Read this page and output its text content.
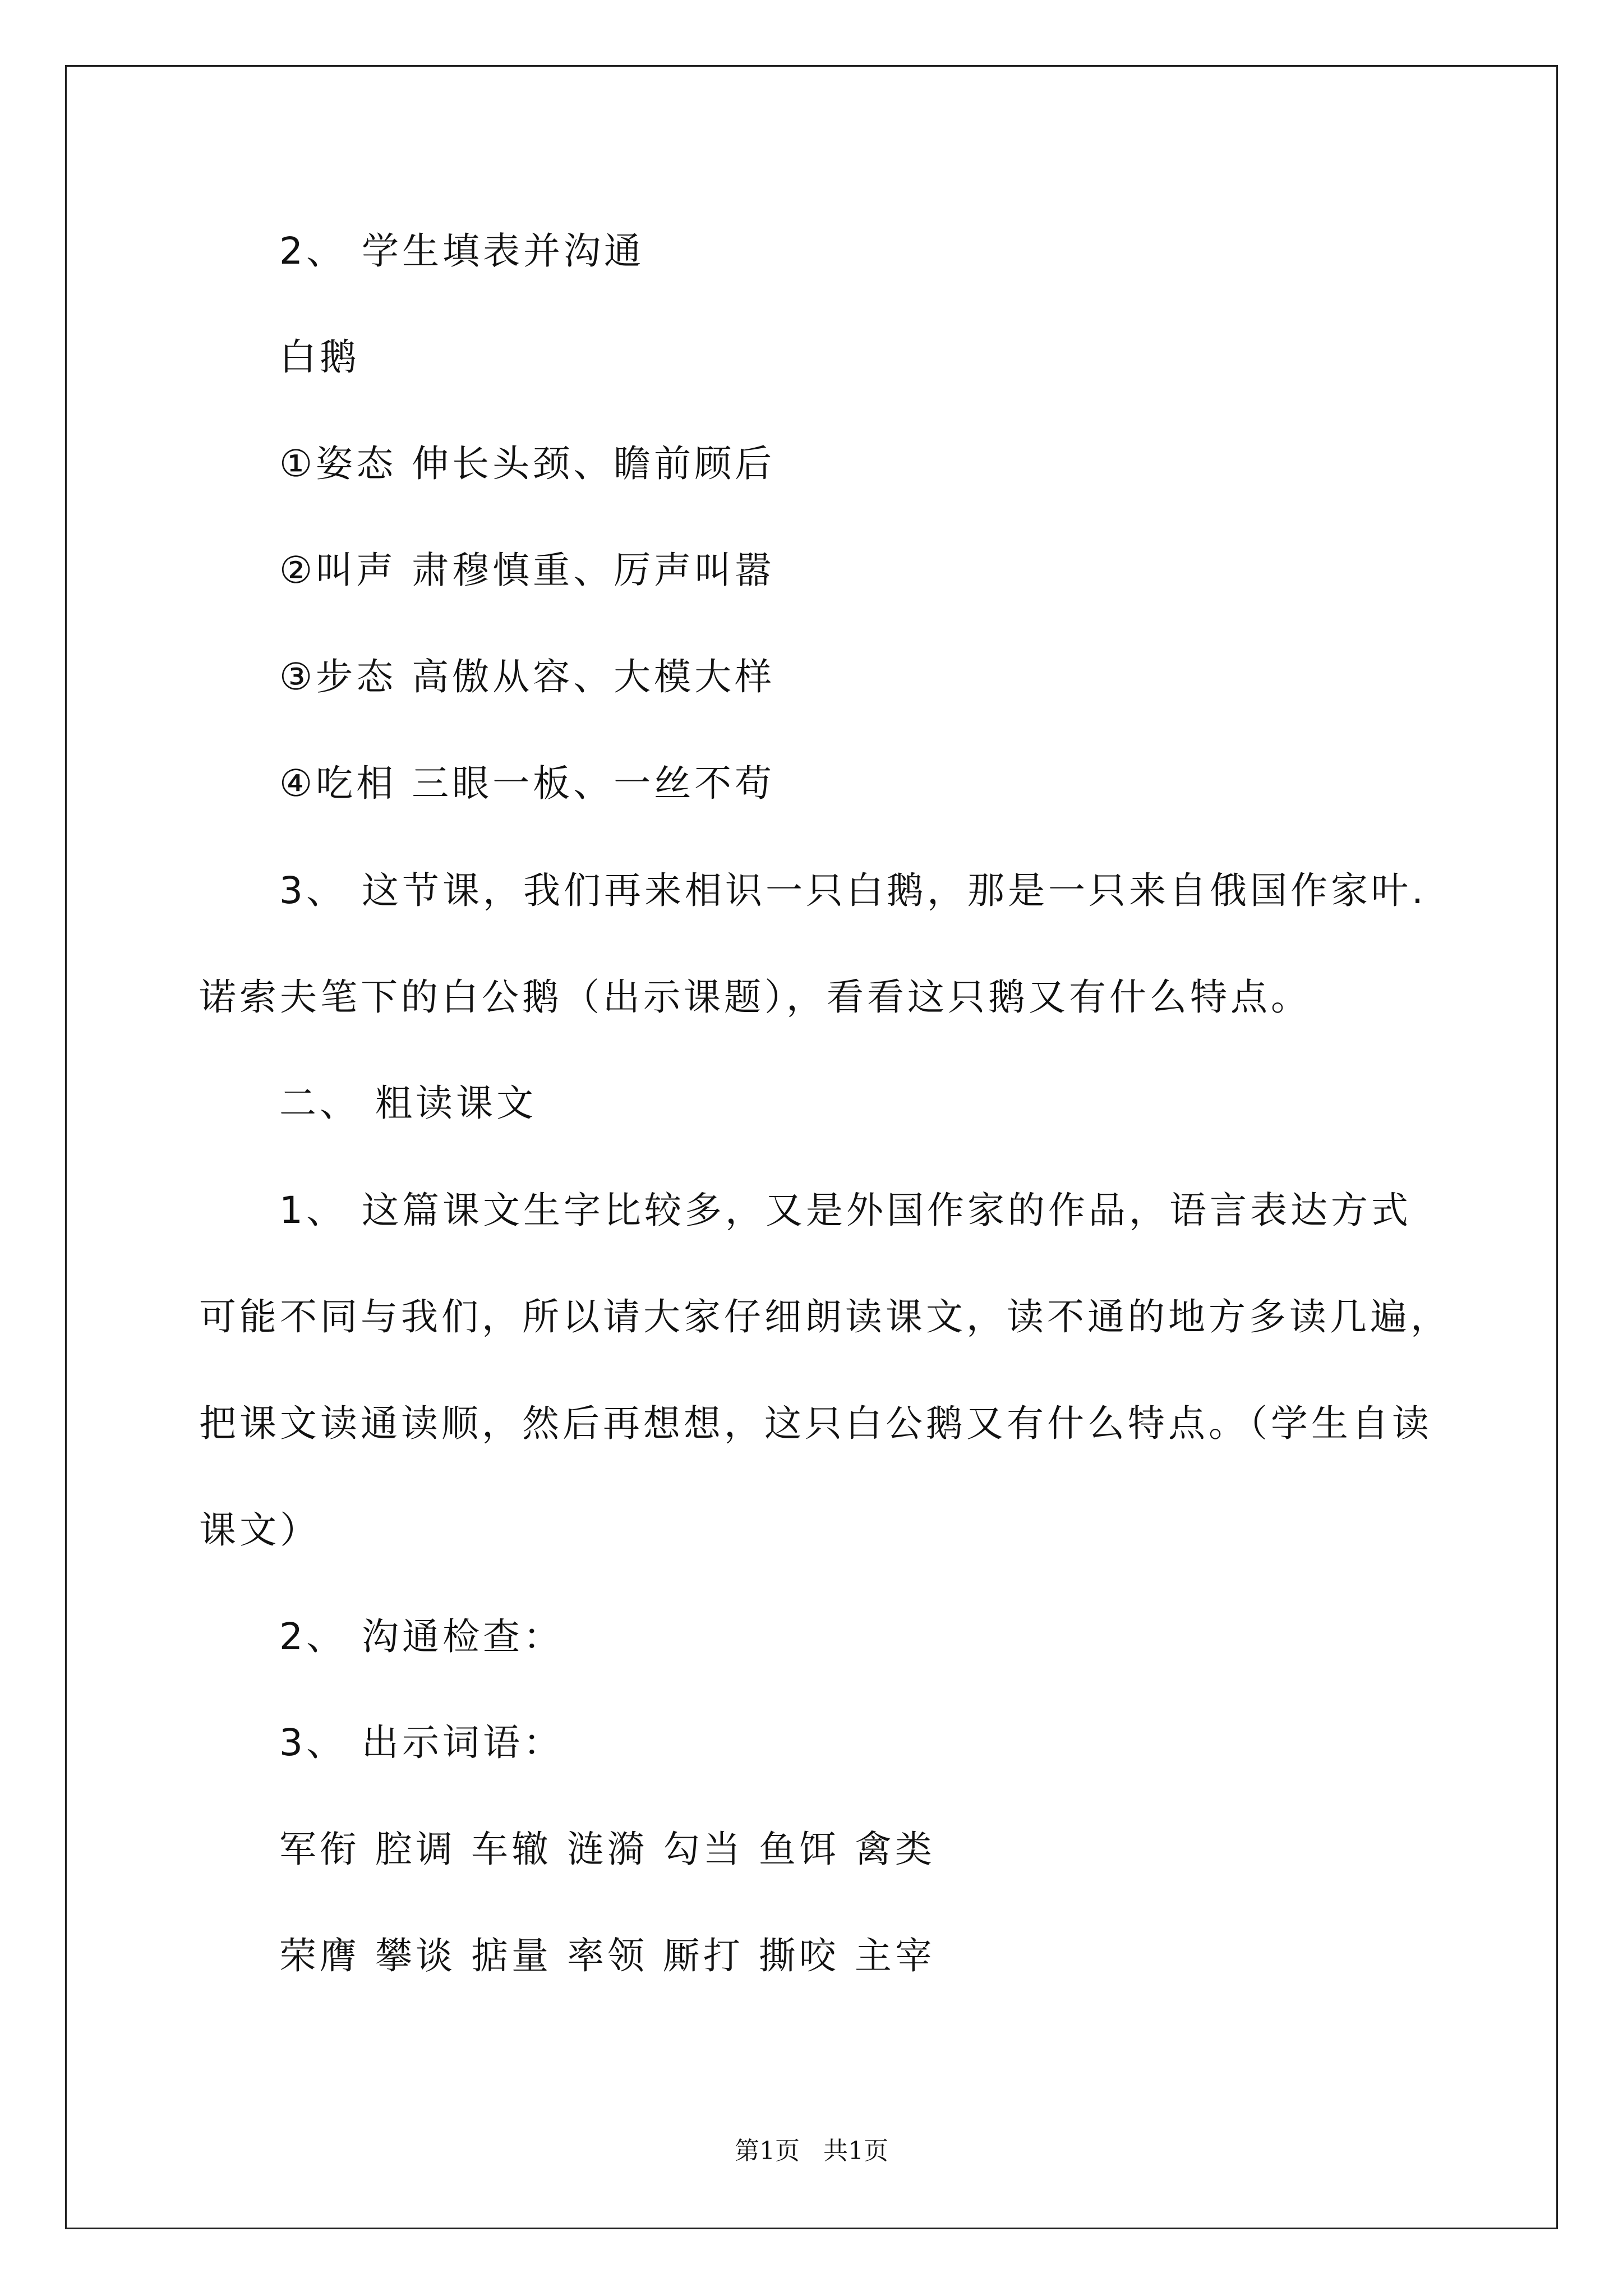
2、 学生填表并沟通
白鹅
①姿态 伸长头颈、瞻前顾后
②叫声 肃穆慎重、厉声叫嚣
③步态 高傲从容、大模大样
④吃相 三眼一板、一丝不苟
3、 这节课，我们再来相识一只白鹅，那是一只来自俄国作家叶.
诺索夫笔下的白公鹅（出示课题），看看这只鹅又有什么特点。
二、 粗读课文
1、 这篇课文生字比较多，又是外国作家的作品，语言表达方式
可能不同与我们，所以请大家仔细朗读课文，读不通的地方多读几遍，
把课文读通读顺，然后再想想，这只白公鹅又有什么特点。（学生自读
课文）
2、 沟通检查：
3、 出示词语：
军衔 腔调 车辙 涟漪 勾当 鱼饵 禽类
荣膺 攀谈 掂量 率领 厮打 撕咬 主宰
第1页   共1页
